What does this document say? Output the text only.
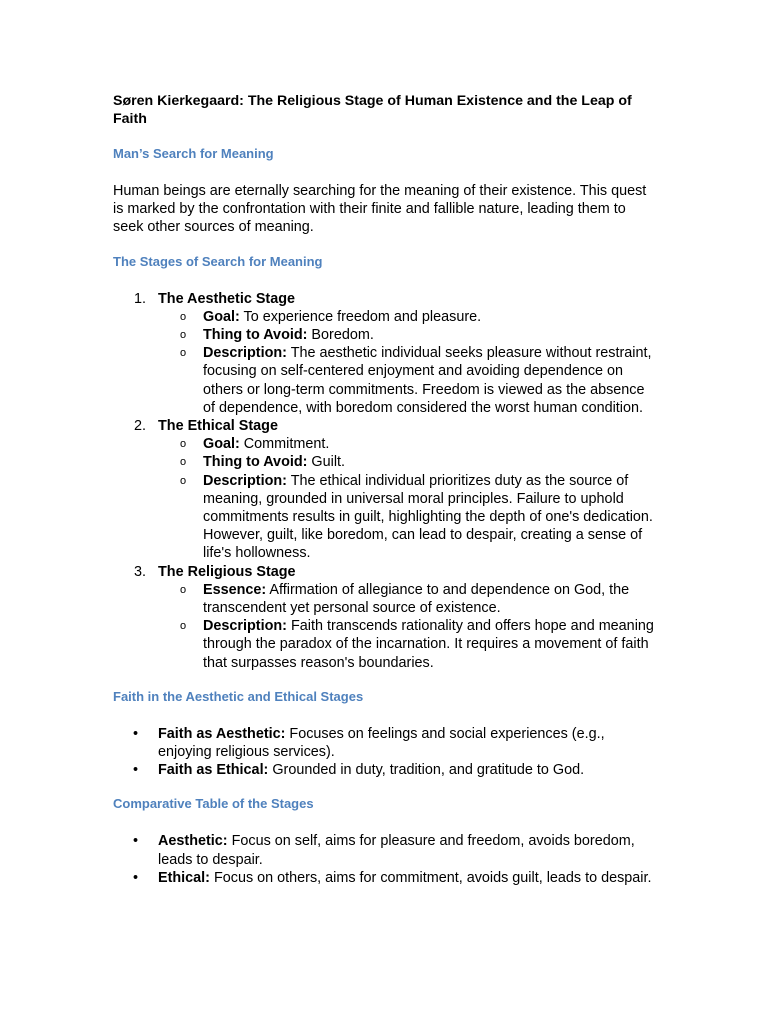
Søren Kierkegaard: The Religious Stage of Human Existence and the Leap of Faith

Man’s Search for Meaning

Human beings are eternally searching for the meaning of their existence. This quest is marked by the confrontation with their finite and fallible nature, leading them to seek other sources of meaning.

The Stages of Search for Meaning

1. The Aesthetic Stage
o Goal: To experience freedom and pleasure.
o Thing to Avoid: Boredom.
o Description: The aesthetic individual seeks pleasure without restraint, focusing on self-centered enjoyment and avoiding dependence on others or long-term commitments. Freedom is viewed as the absence of dependence, with boredom considered the worst human condition.
2. The Ethical Stage
o Goal: Commitment.
o Thing to Avoid: Guilt.
o Description: The ethical individual prioritizes duty as the source of meaning, grounded in universal moral principles. Failure to uphold commitments results in guilt, highlighting the depth of one's dedication. However, guilt, like boredom, can lead to despair, creating a sense of life's hollowness.
3. The Religious Stage
o Essence: Affirmation of allegiance to and dependence on God, the transcendent yet personal source of existence.
o Description: Faith transcends rationality and offers hope and meaning through the paradox of the incarnation. It requires a movement of faith that surpasses reason's boundaries.

Faith in the Aesthetic and Ethical Stages

• Faith as Aesthetic: Focuses on feelings and social experiences (e.g., enjoying religious services).
• Faith as Ethical: Grounded in duty, tradition, and gratitude to God.

Comparative Table of the Stages

• Aesthetic: Focus on self, aims for pleasure and freedom, avoids boredom, leads to despair.
• Ethical: Focus on others, aims for commitment, avoids guilt, leads to despair.
